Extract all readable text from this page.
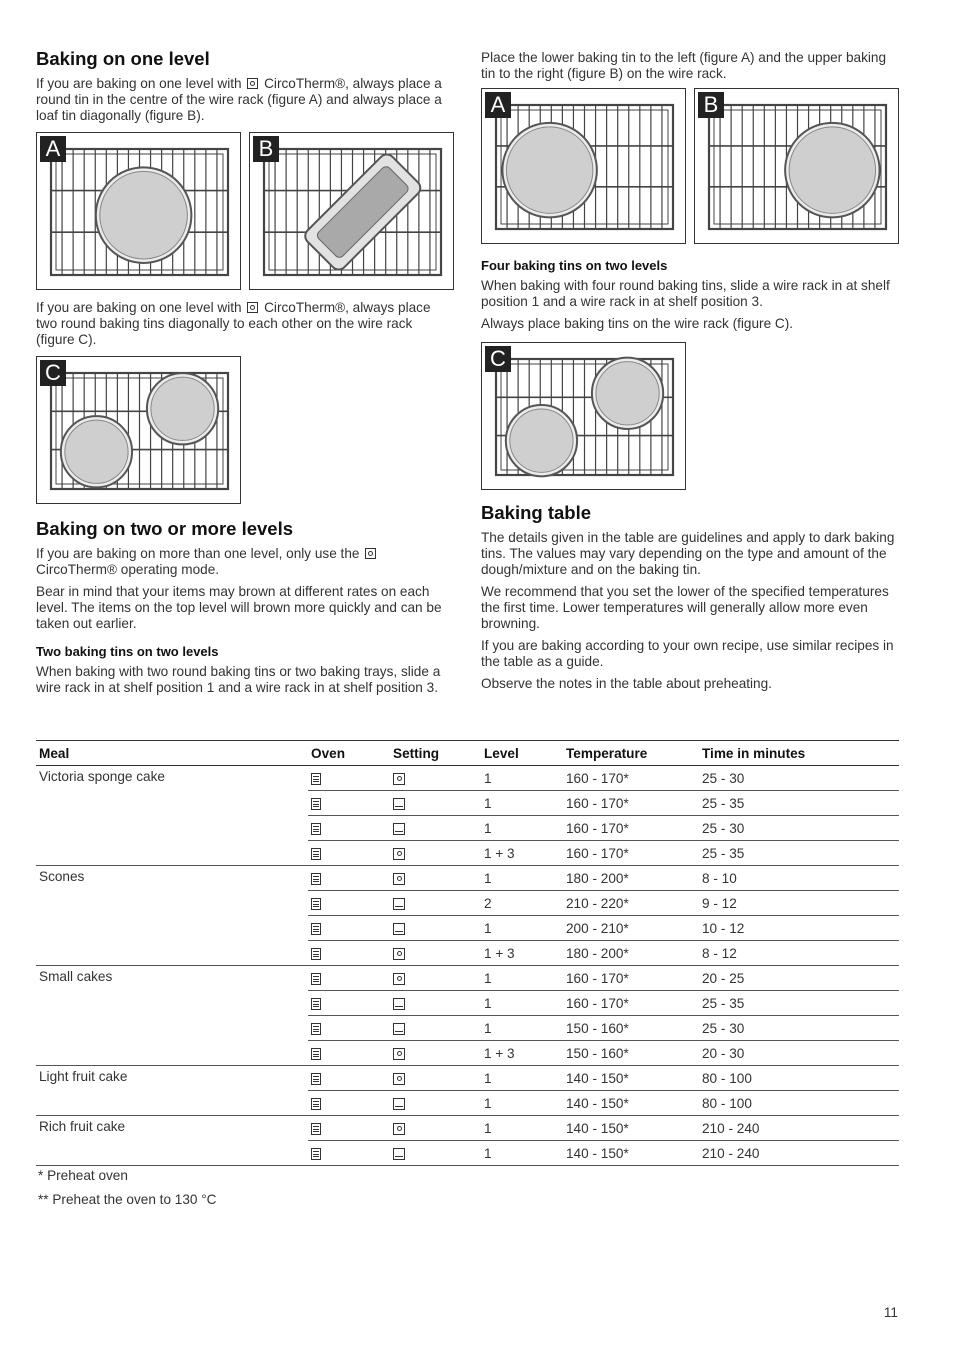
Baking on one level

If you are baking on one level with CircoTherm®, always place a round tin in the centre of the wire rack (figure A) and always place a loaf tin diagonally (figure B).

A	B

If you are baking on one level with CircoTherm®, always place two round baking tins diagonally to each other on the wire rack (figure C).

C
Baking on two or more levels

If you are baking on more than one level, only use the  CircoTherm® operating mode.

Bear in mind that your items may brown at different rates on each level. The items on the top level will brown more quickly and can be taken out earlier.

Two baking tins on two levels

When baking with two round baking tins or two baking trays, slide a wire rack in at shelf position 1 and a wire rack in at shelf position 3.

Place the lower baking tin to the left (figure A) and the upper baking tin to the right (figure B) on the wire rack.

A	B
Four baking tins on two levels

When baking with four round baking tins, slide a wire rack in at shelf position 1 and a wire rack in at shelf position 3.

Always place baking tins on the wire rack (figure C).

C
Baking table

The details given in the table are guidelines and apply to dark baking tins. The values may vary depending on the type and amount of the dough/mixture and on the baking tin.

We recommend that you set the lower of the specified temperatures the first time. Lower temperatures will generally allow more even browning.

If you are baking according to your own recipe, use similar recipes in the table as a guide.

Observe the notes in the table about preheating.

Meal	Oven	Setting	Level	Temperature	Time in minutes
Victoria sponge cake			1	160 - 170*	25 - 30
			1	160 - 170*	25 - 35
			1	160 - 170*	25 - 30
			1 + 3	160 - 170*	25 - 35
Scones			1	180 - 200*	8 - 10
			2	210 - 220*	9 - 12
			1	200 - 210*	10 - 12
			1 + 3	180 - 200*	8 - 12
Small cakes			1	160 - 170*	20 - 25
			1	160 - 170*	25 - 35
			1	150 - 160*	25 - 30
			1 + 3	150 - 160*	20 - 30
Light fruit cake			1	140 - 150*	80 - 100
			1	140 - 150*	80 - 100
Rich fruit cake			1	140 - 150*	210 - 240
			1	140 - 150*	210 - 240
* Preheat oven
** Preheat the oven to 130 °C
11
